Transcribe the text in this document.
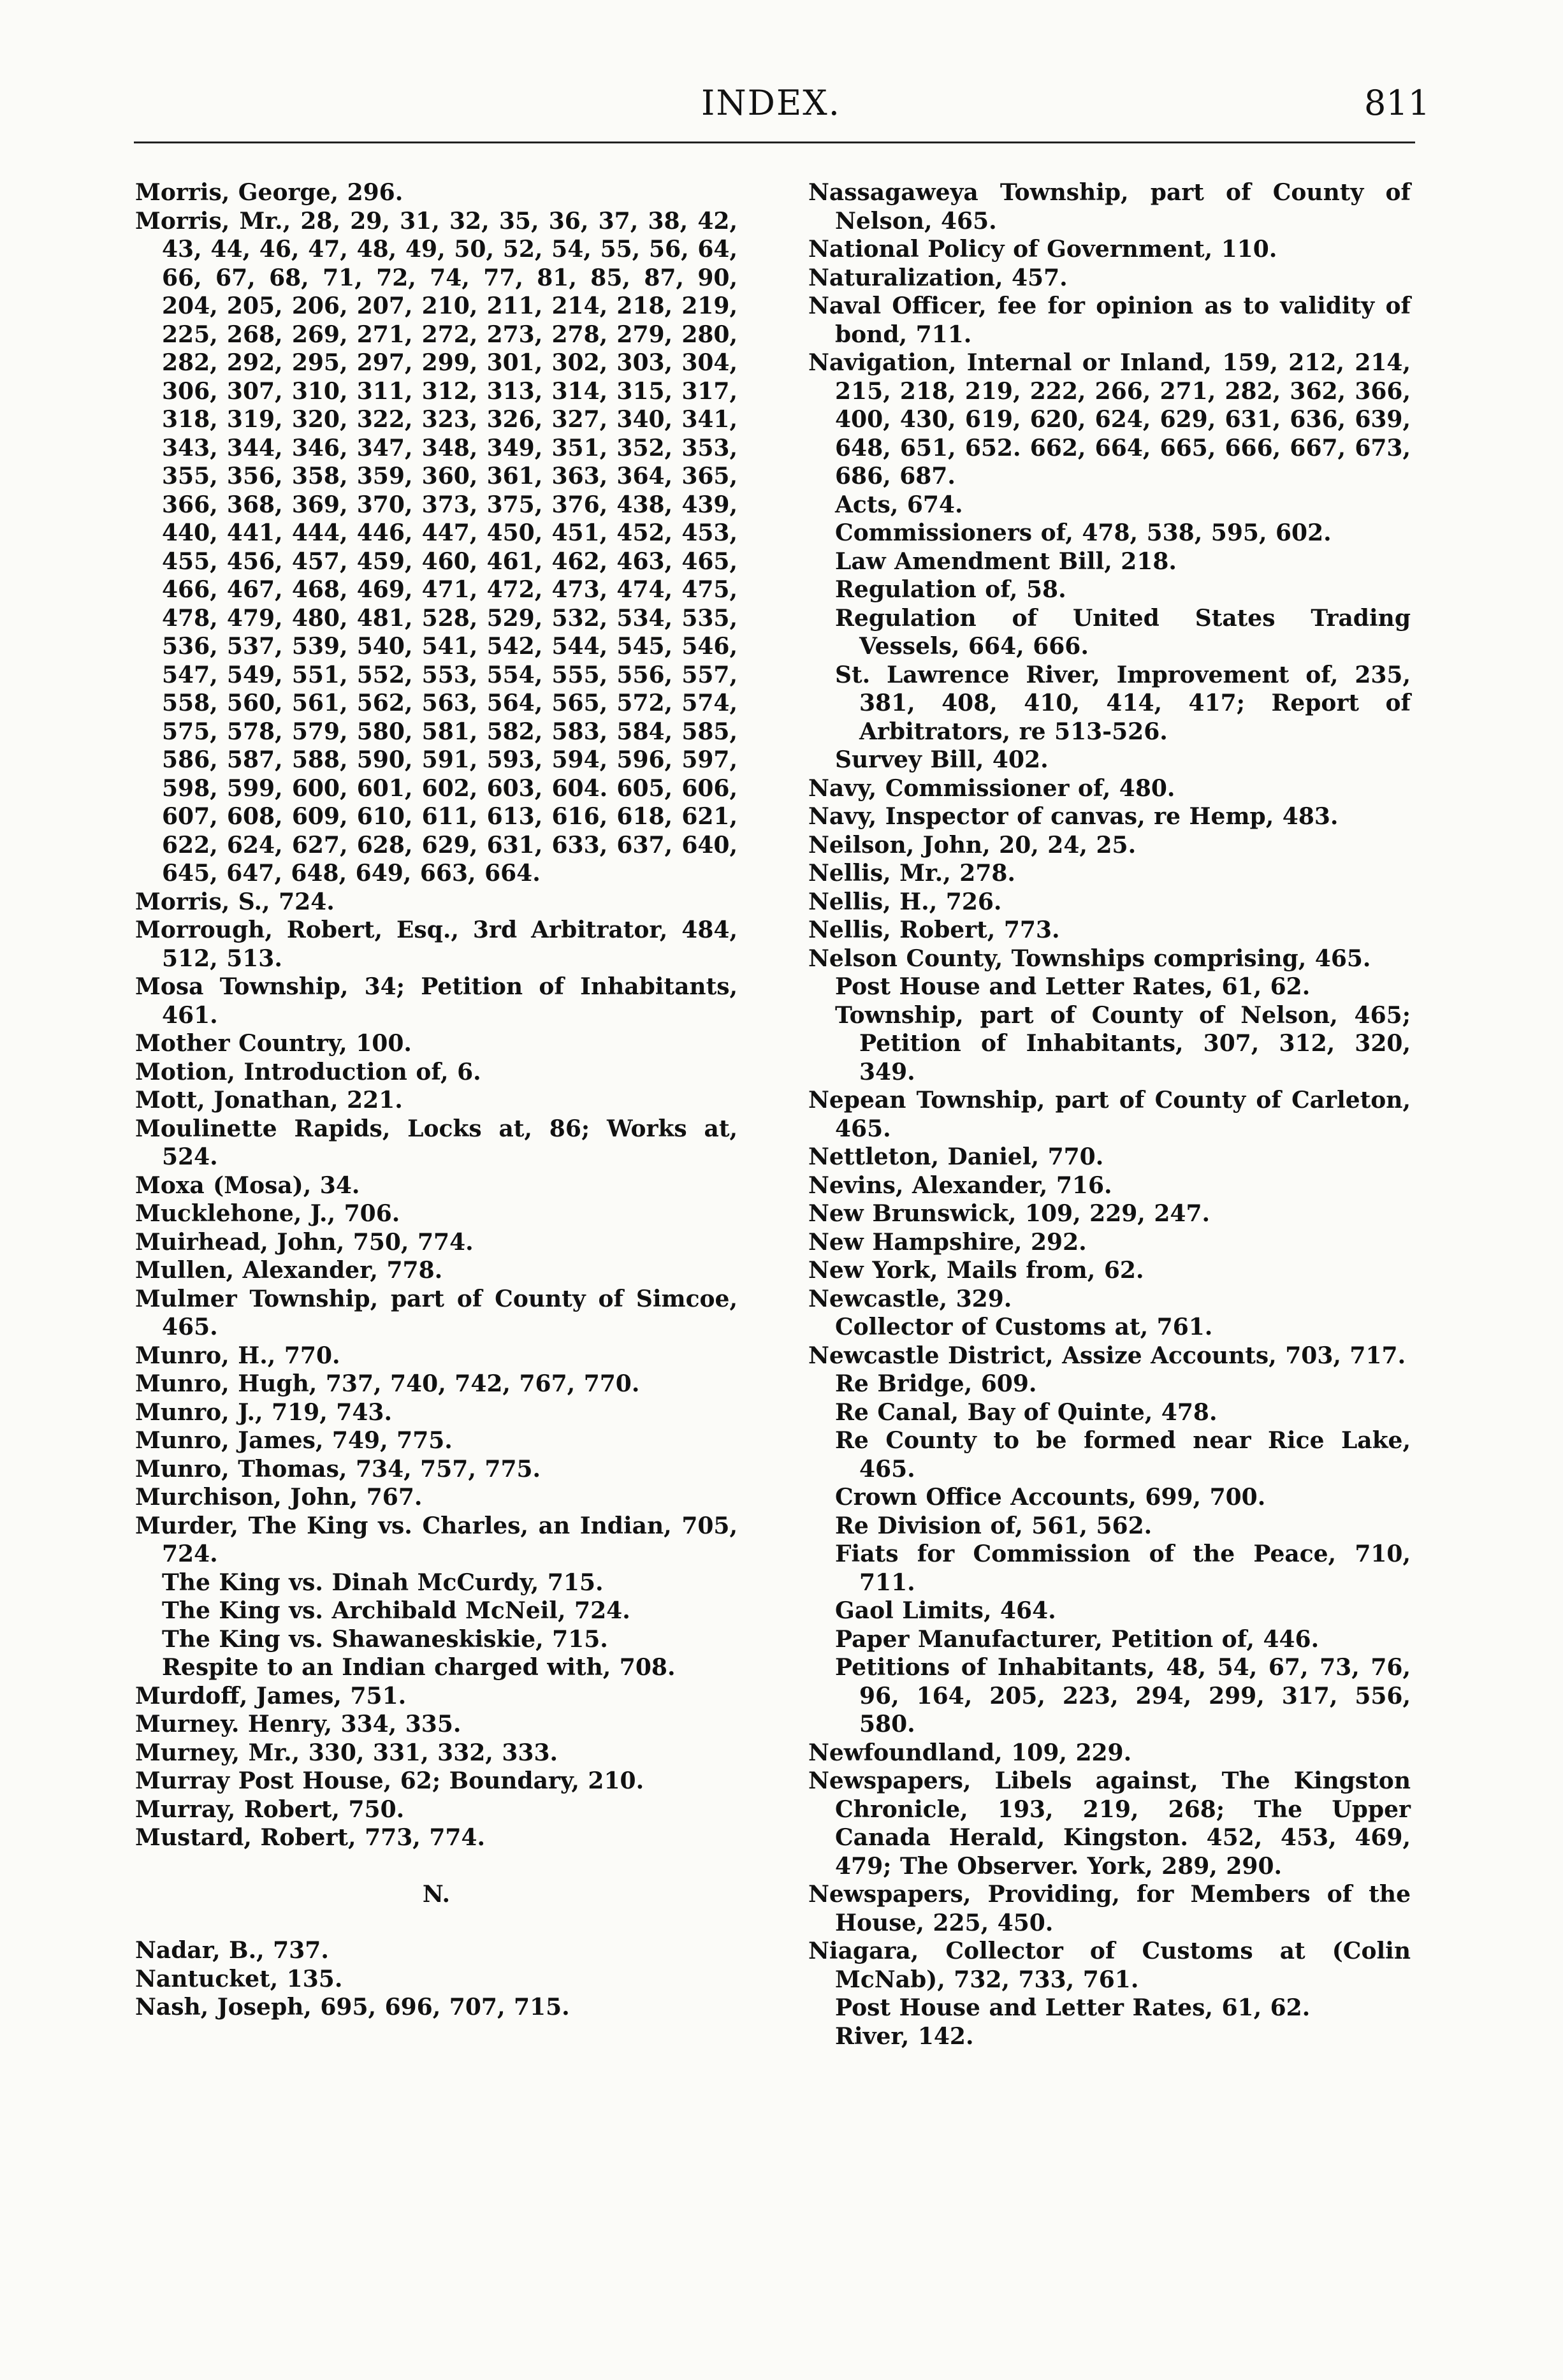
INDEX.	811
Morris, George, 296.
Morris, Mr., 28, 29, 31, 32, 35, 36, 37, 38, 42, 43, 44, 46, 47, 48, 49, 50, 52, 54, 55, 56, 64, 66, 67, 68, 71, 72, 74, 77, 81, 85, 87, 90, 204, 205, 206, 207, 210, 211, 214, 218, 219, 225, 268, 269, 271, 272, 273, 278, 279, 280, 282, 292, 295, 297, 299, 301, 302, 303, 304, 306, 307, 310, 311, 312, 313, 314, 315, 317, 318, 319, 320, 322, 323, 326, 327, 340, 341, 343, 344, 346, 347, 348, 349, 351, 352, 353, 355, 356, 358, 359, 360, 361, 363, 364, 365, 366, 368, 369, 370, 373, 375, 376, 438, 439, 440, 441, 444, 446, 447, 450, 451, 452, 453, 455, 456, 457, 459, 460, 461, 462, 463, 465, 466, 467, 468, 469, 471, 472, 473, 474, 475, 478, 479, 480, 481, 528, 529, 532, 534, 535, 536, 537, 539, 540, 541, 542, 544, 545, 546, 547, 549, 551, 552, 553, 554, 555, 556, 557, 558, 560, 561, 562, 563, 564, 565, 572, 574, 575, 578, 579, 580, 581, 582, 583, 584, 585, 586, 587, 588, 590, 591, 593, 594, 596, 597, 598, 599, 600, 601, 602, 603, 604. 605, 606, 607, 608, 609, 610, 611, 613, 616, 618, 621, 622, 624, 627, 628, 629, 631, 633, 637, 640, 645, 647, 648, 649, 663, 664.
Morris, S., 724.
Morrough, Robert, Esq., 3rd Arbitrator, 484, 512, 513.
Mosa Township, 34; Petition of Inhabitants, 461.
Mother Country, 100.
Motion, Introduction of, 6.
Mott, Jonathan, 221.
Moulinette Rapids, Locks at, 86; Works at, 524.
Moxa (Mosa), 34.
Mucklehone, J., 706.
Muirhead, John, 750, 774.
Mullen, Alexander, 778.
Mulmer Township, part of County of Simcoe, 465.
Munro, H., 770.
Munro, Hugh, 737, 740, 742, 767, 770.
Munro, J., 719, 743.
Munro, James, 749, 775.
Munro, Thomas, 734, 757, 775.
Murchison, John, 767.
Murder, The King vs. Charles, an Indian, 705, 724.
The King vs. Dinah McCurdy, 715.
The King vs. Archibald McNeil, 724.
The King vs. Shawaneskiskie, 715.
Respite to an Indian charged with, 708.
Murdoff, James, 751.
Murney. Henry, 334, 335.
Murney, Mr., 330, 331, 332, 333.
Murray Post House, 62; Boundary, 210.
Murray, Robert, 750.
Mustard, Robert, 773, 774.
N.
Nadar, B., 737.
Nantucket, 135.
Nash, Joseph, 695, 696, 707, 715.
Nassagaweya Township, part of County of Nelson, 465.
National Policy of Government, 110.
Naturalization, 457.
Naval Officer, fee for opinion as to validity of bond, 711.
Navigation, Internal or Inland, 159, 212, 214, 215, 218, 219, 222, 266, 271, 282, 362, 366, 400, 430, 619, 620, 624, 629, 631, 636, 639, 648, 651, 652. 662, 664, 665, 666, 667, 673, 686, 687.
Acts, 674.
Commissioners of, 478, 538, 595, 602.
Law Amendment Bill, 218.
Regulation of, 58.
Regulation of United States Trading Vessels, 664, 666.
St. Lawrence River, Improvement of, 235, 381, 408, 410, 414, 417; Report of Arbitrators, re 513-526.
Survey Bill, 402.
Navy, Commissioner of, 480.
Navy, Inspector of canvas, re Hemp, 483.
Neilson, John, 20, 24, 25.
Nellis, Mr., 278.
Nellis, H., 726.
Nellis, Robert, 773.
Nelson County, Townships comprising, 465.
Post House and Letter Rates, 61, 62.
Township, part of County of Nelson, 465; Petition of Inhabitants, 307, 312, 320, 349.
Nepean Township, part of County of Carleton, 465.
Nettleton, Daniel, 770.
Nevins, Alexander, 716.
New Brunswick, 109, 229, 247.
New Hampshire, 292.
New York, Mails from, 62.
Newcastle, 329.
Collector of Customs at, 761.
Newcastle District, Assize Accounts, 703, 717.
Re Bridge, 609.
Re Canal, Bay of Quinte, 478.
Re County to be formed near Rice Lake, 465.
Crown Office Accounts, 699, 700.
Re Division of, 561, 562.
Fiats for Commission of the Peace, 710, 711.
Gaol Limits, 464.
Paper Manufacturer, Petition of, 446.
Petitions of Inhabitants, 48, 54, 67, 73, 76, 96, 164, 205, 223, 294, 299, 317, 556, 580.
Newfoundland, 109, 229.
Newspapers, Libels against, The Kingston Chronicle, 193, 219, 268; The Upper Canada Herald, Kingston. 452, 453, 469, 479; The Observer. York, 289, 290.
Newspapers, Providing, for Members of the House, 225, 450.
Niagara, Collector of Customs at (Colin McNab), 732, 733, 761.
Post House and Letter Rates, 61, 62.
River, 142.
